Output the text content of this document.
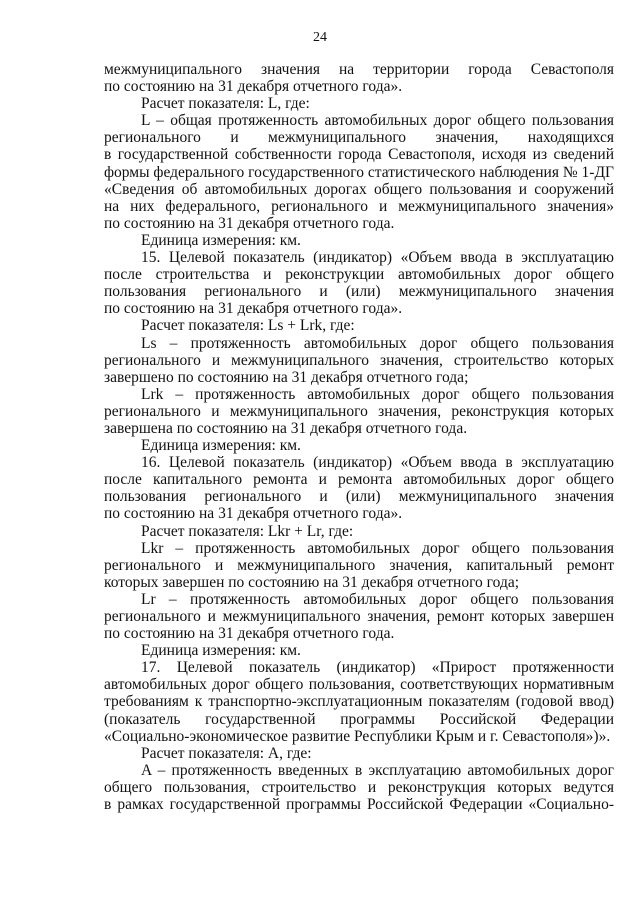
24
межмуниципального значения на территории города Севастополя
по состоянию на 31 декабря отчетного года».
Расчет показателя: L, где:
L – общая протяженность автомобильных дорог общего пользования
регионального и межмуниципального значения, находящихся
в государственной собственности города Севастополя, исходя из сведений
формы федерального государственного статистического наблюдения № 1-ДГ
«Сведения об автомобильных дорогах общего пользования и сооружений
на них федерального, регионального и межмуниципального значения»
по состоянию на 31 декабря отчетного года.
Единица измерения: км.
15. Целевой показатель (индикатор) «Объем ввода в эксплуатацию
после строительства и реконструкции автомобильных дорог общего
пользования регионального и (или) межмуниципального значения
по состоянию на 31 декабря отчетного года».
Расчет показателя: Ls + Lrk, где:
Ls – протяженность автомобильных дорог общего пользования
регионального и межмуниципального значения, строительство которых
завершено по состоянию на 31 декабря отчетного года;
Lrk – протяженность автомобильных дорог общего пользования
регионального и межмуниципального значения, реконструкция которых
завершена по состоянию на 31 декабря отчетного года.
Единица измерения: км.
16. Целевой показатель (индикатор) «Объем ввода в эксплуатацию
после капитального ремонта и ремонта автомобильных дорог общего
пользования регионального и (или) межмуниципального значения
по состоянию на 31 декабря отчетного года».
Расчет показателя: Lkr + Lr, где:
Lkr – протяженность автомобильных дорог общего пользования
регионального и межмуниципального значения, капитальный ремонт
которых завершен по состоянию на 31 декабря отчетного года;
Lr – протяженность автомобильных дорог общего пользования
регионального и межмуниципального значения, ремонт которых завершен
по состоянию на 31 декабря отчетного года.
Единица измерения: км.
17. Целевой показатель (индикатор) «Прирост протяженности
автомобильных дорог общего пользования, соответствующих нормативным
требованиям к транспортно-эксплуатационным показателям (годовой ввод)
(показатель государственной программы Российской Федерации
«Социально-экономическое развитие Республики Крым и г. Севастополя»)».
Расчет показателя: A, где:
A – протяженность введенных в эксплуатацию автомобильных дорог
общего пользования, строительство и реконструкция которых ведутся
в рамках государственной программы Российской Федерации «Социально-
